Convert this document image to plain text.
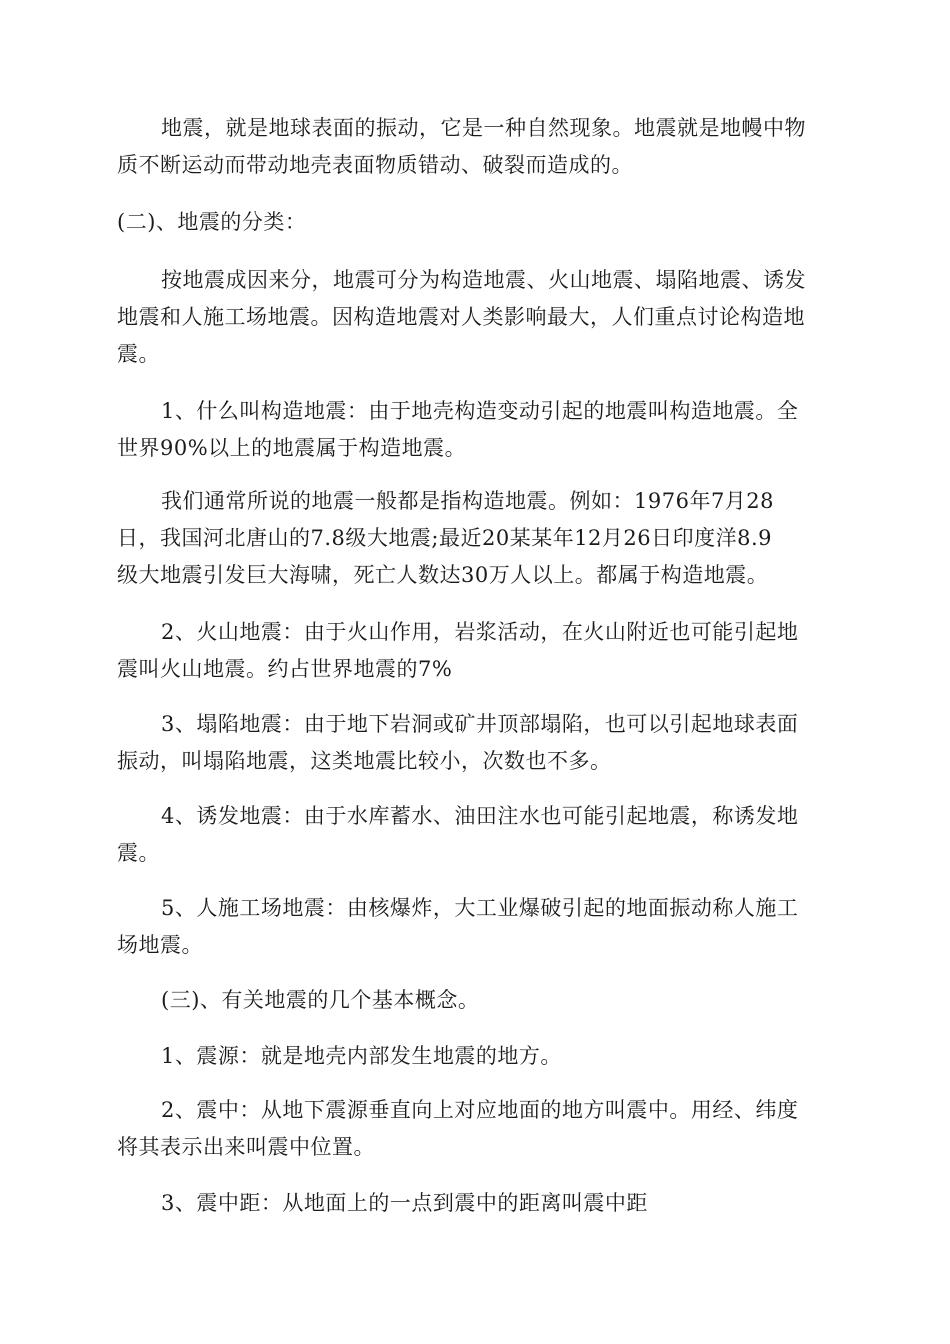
地震，就是地球表面的振动，它是一种自然现象。地震就是地幔中物
质不断运动而带动地壳表面物质错动、破裂而造成的。

(二)、地震的分类：

按地震成因来分，地震可分为构造地震、火山地震、塌陷地震、诱发
地震和人施工场地震。因构造地震对人类影响最大，人们重点讨论构造地
震。

1、什么叫构造地震：由于地壳构造变动引起的地震叫构造地震。全
世界90%以上的地震属于构造地震。

我们通常所说的地震一般都是指构造地震。例如：1976年7月28
日，我国河北唐山的7.8级大地震;最近20某某年12月26日印度洋8.9
级大地震引发巨大海啸，死亡人数达30万人以上。都属于构造地震。

2、火山地震：由于火山作用，岩浆活动，在火山附近也可能引起地
震叫火山地震。约占世界地震的7%

3、塌陷地震：由于地下岩洞或矿井顶部塌陷，也可以引起地球表面
振动，叫塌陷地震，这类地震比较小，次数也不多。

4、诱发地震：由于水库蓄水、油田注水也可能引起地震，称诱发地
震。

5、人施工场地震：由核爆炸，大工业爆破引起的地面振动称人施工
场地震。

(三)、有关地震的几个基本概念。

1、震源：就是地壳内部发生地震的地方。

2、震中：从地下震源垂直向上对应地面的地方叫震中。用经、纬度
将其表示出来叫震中位置。

3、震中距：从地面上的一点到震中的距离叫震中距
